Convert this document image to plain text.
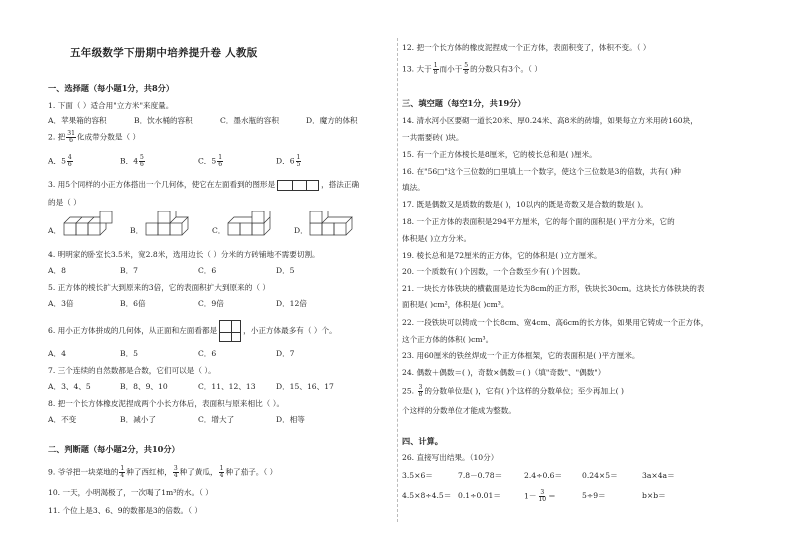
五年级数学下册期中培养提升卷 人教版
一、选择题（每小题1分，共8分）
1. 下面（ ）适合用"立方米"来度量。
A．苹果箱的容积	B．饮水桶的容积	C．墨水瓶的容积	D．魔方的体积
2. 把 $\frac{31}{6}$ 化成带分数是（ ）
A．$5 \frac{4}{6}$	B．$4 \frac{5}{6}$	C．$5 \frac{1}{6}$	D．$6 \frac{1}{5}$
3. 用5个同样的小正方体搭出一个几何体，使它在左面看到的图形是	，搭法正确
的是（ ）
A．	B．	C．	D．
4. 明明家的卧室长3.5米，宽2.8米，选用边长（ ）分米的方砖铺地不需要切割。
A．8	B．7	C．6	D．5
5. 正方体的棱长扩大到原来的3倍，它的表面积扩大到原来的（ ）
A．3倍	B．6倍	C．9倍	D．12倍
6. 用小正方体拼成的几何体，从正面和左面看都是	，小正方体最多有（ ）个。
A．4	B．5	C．6	D．7
7. 三个连续的自然数都是合数，它们可以是（ ）。
A．3、4、5	B．8、9、10	C．11、12、13	D．15、16、17
8. 把一个长方体橡皮泥捏成两个小长方体后，表面积与原来相比（ ）。
A．不变	B．减小了	C．增大了	D．相等
二、判断题（每小题2分，共10分）
9. 爷爷把一块菜地的 $\frac{1}{4}$ 种了西红柿， $\frac{3}{4}$ 种了黄瓜， $\frac{1}{4}$ 种了茄子。（ ）
10. 一天，小明渴极了，一次喝了1m³的水。（ ）
11. 个位上是3、6、9的数都是3的倍数。（ ）
12. 把一个长方体的橡皮泥捏成一个正方体，表面积变了，体积不变。（ ）
13. 大于 $\frac{1}{8}$ 而小于 $\frac{5}{8}$ 的分数只有3个。（ ）
三、填空题（每空1分，共19分）
14. 清水河小区要砌一道长20米、厚0.24米、高8米的砖墙，如果每立方米用砖160块，
一共需要砖( )块。
15. 有一个正方体棱长是8厘米，它的棱长总和是( )厘米。
16. 在"56□"这个三位数的□里填上一个数字，使这个三位数是3的倍数，共有( )种
填法。
17. 既是偶数又是质数的数是( )，10以内的既是奇数又是合数的数是( )。
18. 一个正方体的表面积是294平方厘米，它的每个面的面积是( )平方分米，它的
体积是( )立方分米。
19. 棱长总和是72厘米的正方体，它的体积是( )立方厘米。
20. 一个质数有( )个因数，一个合数至少有( )个因数。
21. 一块长方体铁块的横截面是边长为8cm的正方形，铁块长30cm。这块长方体铁块的表
面积是( )cm²，体积是( )cm³。
22. 一段铁块可以铸成一个长8cm、宽4cm、高6cm的长方体，如果用它铸成一个正方体，
这个正方体的体积( )cm³。
23. 用60厘米的铁丝焊成一个正方体框架，它的表面积是( )平方厘米。
24. 偶数＋偶数＝( )，奇数×偶数＝( )（填"奇数"、"偶数"）
25. $\frac{3}{8}$ 的分数单位是( )，它有( )个这样的分数单位；至少再加上( )
个这样的分数单位才能成为整数。
四、计算。
26. 直接写出结果。（10分）
3.5×6＝	7.8－0.78＝	2.4÷0.6＝	0.24×5＝	3a×4a＝
4.5×8÷4.5＝ 0.1÷0.01＝	$1- \frac{3}{10}$ ＝	5÷9＝	b×b＝
